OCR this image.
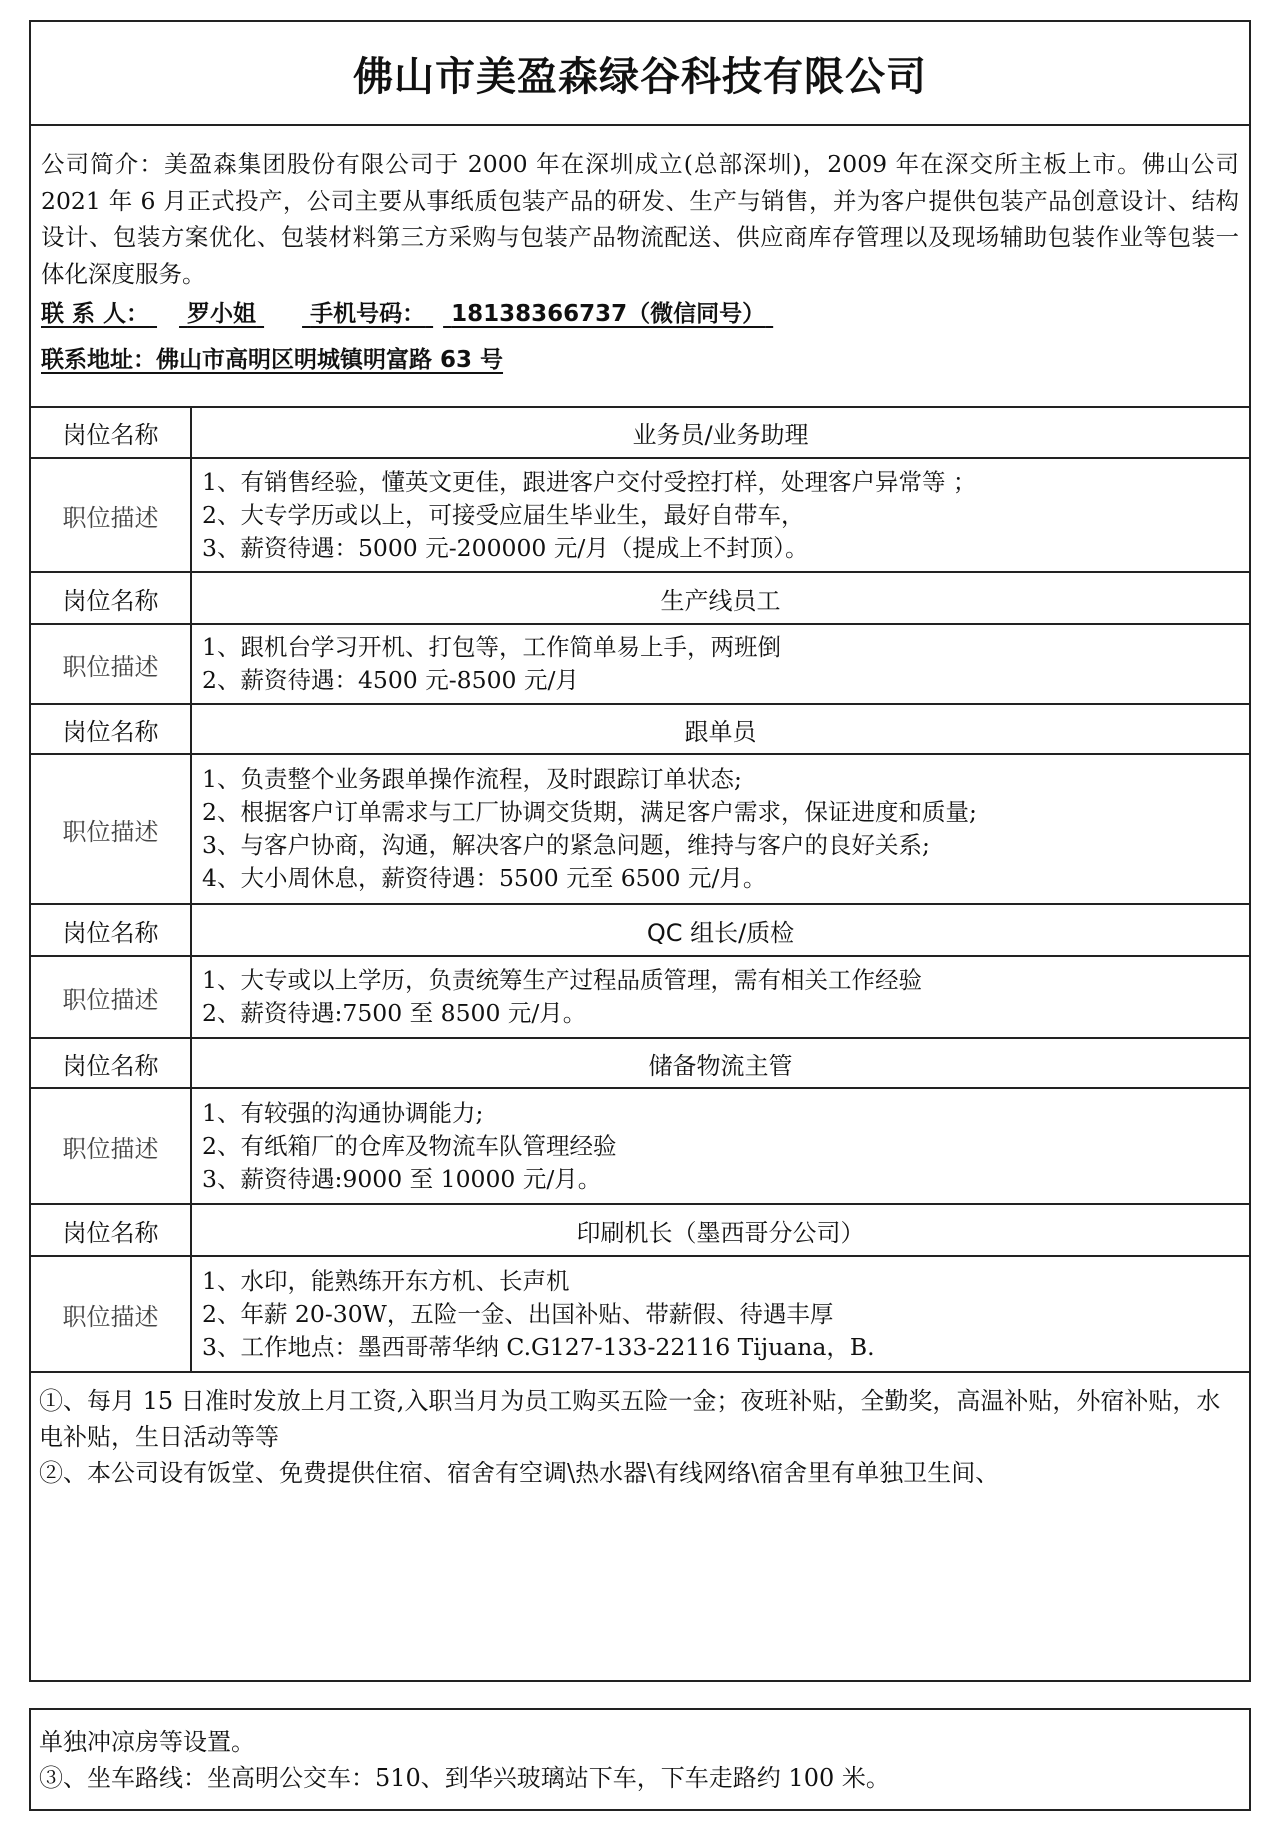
佛山市美盈森绿谷科技有限公司

公司简介：美盈森集团股份有限公司于 2000 年在深圳成立(总部深圳)，2009 年在深交所主板上市。佛山公司 2021 年 6 月正式投产，公司主要从事纸质包装产品的研发、生产与销售，并为客户提供包装产品创意设计、结构设计、包装方案优化、包装材料第三方采购与包装产品物流配送、供应商库存管理以及现场辅助包装作业等包装一体化深度服务。

联 系 人： 罗小姐 手机号码： 18138366737（微信同号）
联系地址：佛山市高明区明城镇明富路 63 号
岗位名称	业务员/业务助理
职位描述	1、有销售经验，懂英文更佳，跟进客户交付受控打样，处理客户异常等 ；
2、大专学历或以上，可接受应届生毕业生，最好自带车，
3、薪资待遇：5000 元-200000 元/月（提成上不封顶）。

岗位名称	生产线员工
职位描述	1、跟机台学习开机、打包等，工作简单易上手，两班倒
2、薪资待遇：4500 元-8500 元/月

岗位名称	跟单员
职位描述	1、负责整个业务跟单操作流程，及时跟踪订单状态;
2、根据客户订单需求与工厂协调交货期，满足客户需求，保证进度和质量;
3、与客户协商，沟通，解决客户的紧急问题，维持与客户的良好关系;
4、大小周休息，薪资待遇：5500 元至 6500 元/月。

岗位名称	QC 组长/质检
职位描述	1、大专或以上学历，负责统筹生产过程品质管理，需有相关工作经验
2、薪资待遇:7500 至 8500 元/月。

岗位名称	储备物流主管
职位描述	1、有较强的沟通协调能力;
2、有纸箱厂的仓库及物流车队管理经验
3、薪资待遇:9000 至 10000 元/月。

岗位名称	印刷机长（墨西哥分公司）
职位描述	1、水印，能熟练开东方机、长声机
2、年薪 20-30W，五险一金、出国补贴、带薪假、待遇丰厚
3、工作地点：墨西哥蒂华纳 C.G127-133-22116 Tijuana，B.

①、每月 15 日准时发放上月工资,入职当月为员工购买五险一金；夜班补贴，全勤奖，高温补贴，外宿补贴，水电补贴，生日活动等等

②、本公司设有饭堂、免费提供住宿、宿舍有空调\热水器\有线网络\宿舍里有单独卫生间、

单独冲凉房等设置。

③、坐车路线：坐高明公交车：510、到华兴玻璃站下车，下车走路约 100 米。
